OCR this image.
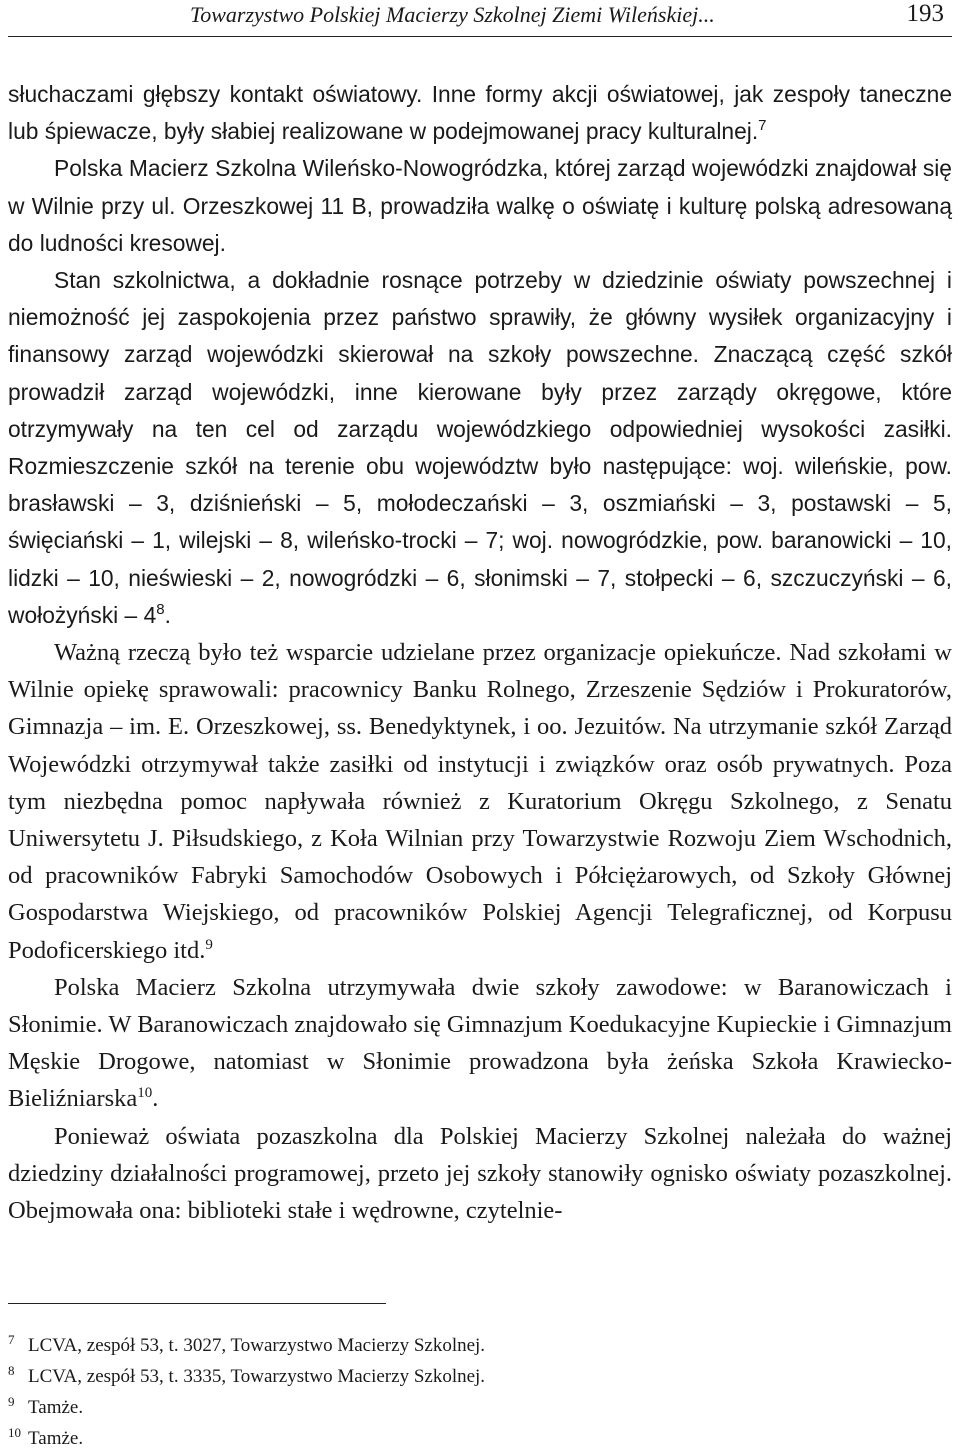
Towarzystwo Polskiej Macierzy Szkolnej Ziemi Wileńskiej...	193

słuchaczami głębszy kontakt oświatowy. Inne formy akcji oświatowej, jak zespoły taneczne lub śpiewacze, były słabiej realizowane w podejmowanej pracy kulturalnej.$^7$

Polska Macierz Szkolna Wileńsko-Nowogródzka, której zarząd wojewódzki znajdował się w Wilnie przy ul. Orzeszkowej 11 B, prowadziła walkę o oświatę i kulturę polską adresowaną do ludności kresowej.

Stan szkolnictwa, a dokładnie rosnące potrzeby w dziedzinie oświaty powszechnej i niemożność jej zaspokojenia przez państwo sprawiły, że główny wysiłek organizacyjny i finansowy zarząd wojewódzki skierował na szkoły powszechne. Znaczącą część szkół prowadził zarząd wojewódzki, inne kierowane były przez zarządy okręgowe, które otrzymywały na ten cel od zarządu wojewódzkiego odpowiedniej wysokości zasiłki. Rozmieszczenie szkół na terenie obu województw było następujące: woj. wileńskie, pow. brasławski – 3, dziśnieński – 5, mołodeczański – 3, oszmiański – 3, postawski – 5, święciański – 1, wilejski – 8, wileńsko-trocki – 7; woj. nowogródzkie, pow. baranowicki – 10, lidzki – 10, nieświeski – 2, nowogródzki – 6, słonimski – 7, stołpecki – 6, szczuczyński – 6, wołożyński – $4^8$.

Ważną rzeczą było też wsparcie udzielane przez organizacje opiekuńcze. Nad szkołami w Wilnie opiekę sprawowali: pracownicy Banku Rolnego, Zrzeszenie Sędziów i Prokuratorów, Gimnazja – im. E. Orzeszkowej, ss. Benedyktynek, i oo. Jezuitów. Na utrzymanie szkół Zarząd Wojewódzki otrzymywał także zasiłki od instytucji i związków oraz osób prywatnych. Poza tym niezbędna pomoc napływała również z Kuratorium Okręgu Szkolnego, z Senatu Uniwersytetu J. Piłsudskiego, z Koła Wilnian przy Towarzystwie Rozwoju Ziem Wschodnich, od pracowników Fabryki Samochodów Osobowych i Półciężarowych, od Szkoły Głównej Gospodarstwa Wiejskiego, od pracowników Polskiej Agencji Telegraficznej, od Korpusu Podoficerskiego itd.$^9$

Polska Macierz Szkolna utrzymywała dwie szkoły zawodowe: w Baranowiczach i Słonimie. W Baranowiczach znajdowało się Gimnazjum Koedukacyjne Kupieckie i Gimnazjum Męskie Drogowe, natomiast w Słonimie prowadzona była żeńska Szkoła Krawiecko-Bieliźniarska$^{10}$.

Ponieważ oświata pozaszkolna dla Polskiej Macierzy Szkolnej należała do ważnej dziedziny działalności programowej, przeto jej szkoły stanowiły ognisko oświaty pozaszkolnej. Obejmowała ona: biblioteki stałe i wędrowne, czytelnie-

7 LCVA, zespół 53, t. 3027, Towarzystwo Macierzy Szkolnej.
8 LCVA, zespół 53, t. 3335, Towarzystwo Macierzy Szkolnej.
9 Tamże.
10 Tamże.
